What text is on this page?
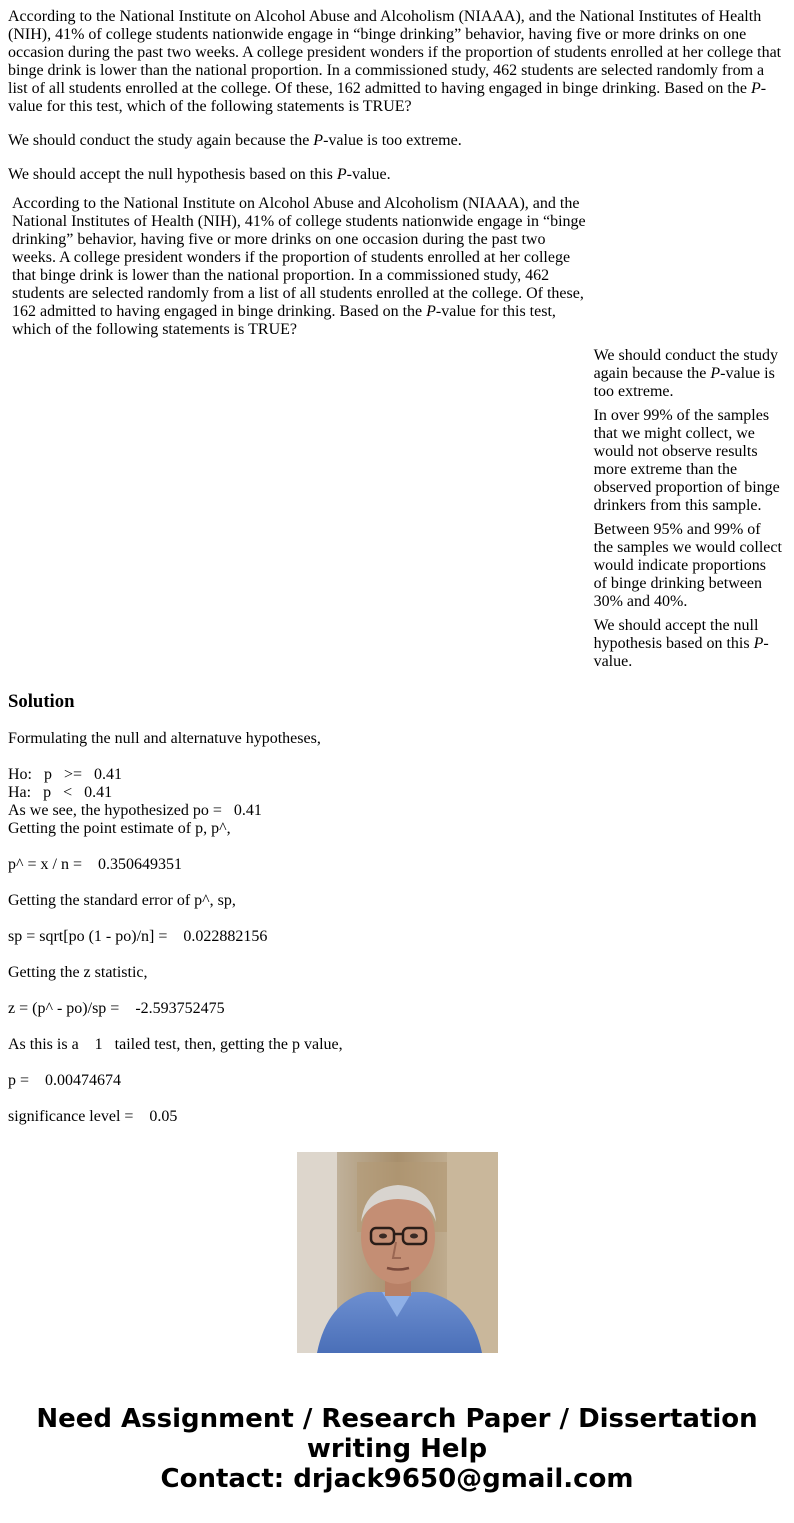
According to the National Institute on Alcohol Abuse and Alcoholism (NIAAA), and the National Institutes of Health (NIH), 41% of college students nationwide engage in “binge drinking” behavior, having five or more drinks on one occasion during the past two weeks. A college president wonders if the proportion of students enrolled at her college that binge drink is lower than the national proportion. In a commissioned study, 462 students are selected randomly from a list of all students enrolled at the college. Of these, 162 admitted to having engaged in binge drinking. Based on the P-value for this test, which of the following statements is TRUE?

We should conduct the study again because the P-value is too extreme.

We should accept the null hypothesis based on this P-value.

According to the National Institute on Alcohol Abuse and Alcoholism (NIAAA), and the National Institutes of Health (NIH), 41% of college students nationwide engage in “binge drinking” behavior, having five or more drinks on one occasion during the past two weeks. A college president wonders if the proportion of students enrolled at her college that binge drink is lower than the national proportion. In a commissioned study, 462 students are selected randomly from a list of all students enrolled at the college. Of these, 162 admitted to having engaged in binge drinking. Based on the P-value for this test, which of the following statements is TRUE?	

	We should conduct the study again because the P-value is too extreme.
In over 99% of the samples that we might collect, we would not observe results more extreme than the observed proportion of binge drinkers from this sample.
Between 95% and 99% of the samples we would collect would indicate proportions of binge drinking between 30% and 40%.
We should accept the null hypothesis based on this P-value.
Solution
Formulating the null and alternatuve hypotheses,
Ho:   p   >=   0.41
Ha:   p   <   0.41
As we see, the hypothesized po =   0.41
Getting the point estimate of p, p^,
p^ = x / n =    0.350649351
Getting the standard error of p^, sp,
sp = sqrt[po (1 - po)/n] =    0.022882156
Getting the z statistic,
z = (p^ - po)/sp =    -2.593752475
As this is a    1   tailed test, then, getting the p value,
p =    0.00474674
significance level =    0.05
Need Assignment / Research Paper / Dissertation
writing Help
Contact: drjack9650@gmail.com
